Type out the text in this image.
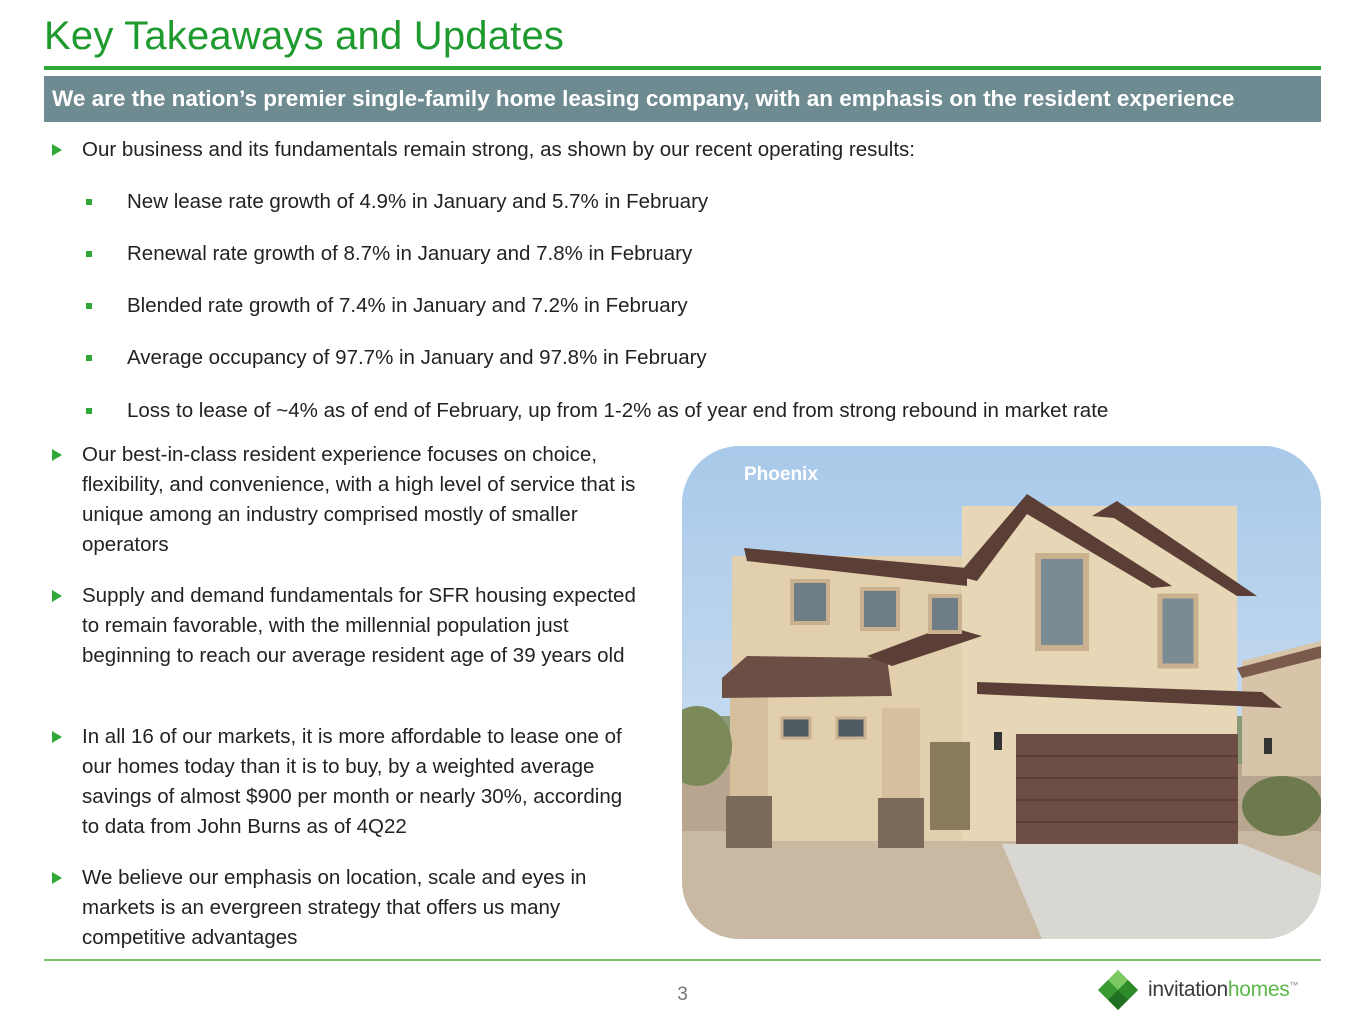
Key Takeaways and Updates
We are the nation’s premier single-family home leasing company, with an emphasis on the resident experience
Our business and its fundamentals remain strong, as shown by our recent operating results:
New lease rate growth of 4.9% in January and 5.7% in February
Renewal rate growth of 8.7% in January and 7.8% in February
Blended rate growth of 7.4% in January and 7.2% in February
Average occupancy of 97.7% in January and 97.8% in February
Loss to lease of ~4% as of end of February, up from 1-2% as of year end from strong rebound in market rate
Our best-in-class resident experience focuses on choice, flexibility, and convenience, with a high level of service that is unique among an industry comprised mostly of smaller operators
Supply and demand fundamentals for SFR housing expected to remain favorable, with the millennial population just beginning to reach our average resident age of 39 years old
In all 16 of our markets, it is more affordable to lease one of our homes today than it is to buy, by a weighted average savings of almost $900 per month or nearly 30%, according to data from John Burns as of 4Q22
We believe our emphasis on location, scale and eyes in markets is an evergreen strategy that offers us many competitive advantages
Phoenix
3	invitationhomes™
